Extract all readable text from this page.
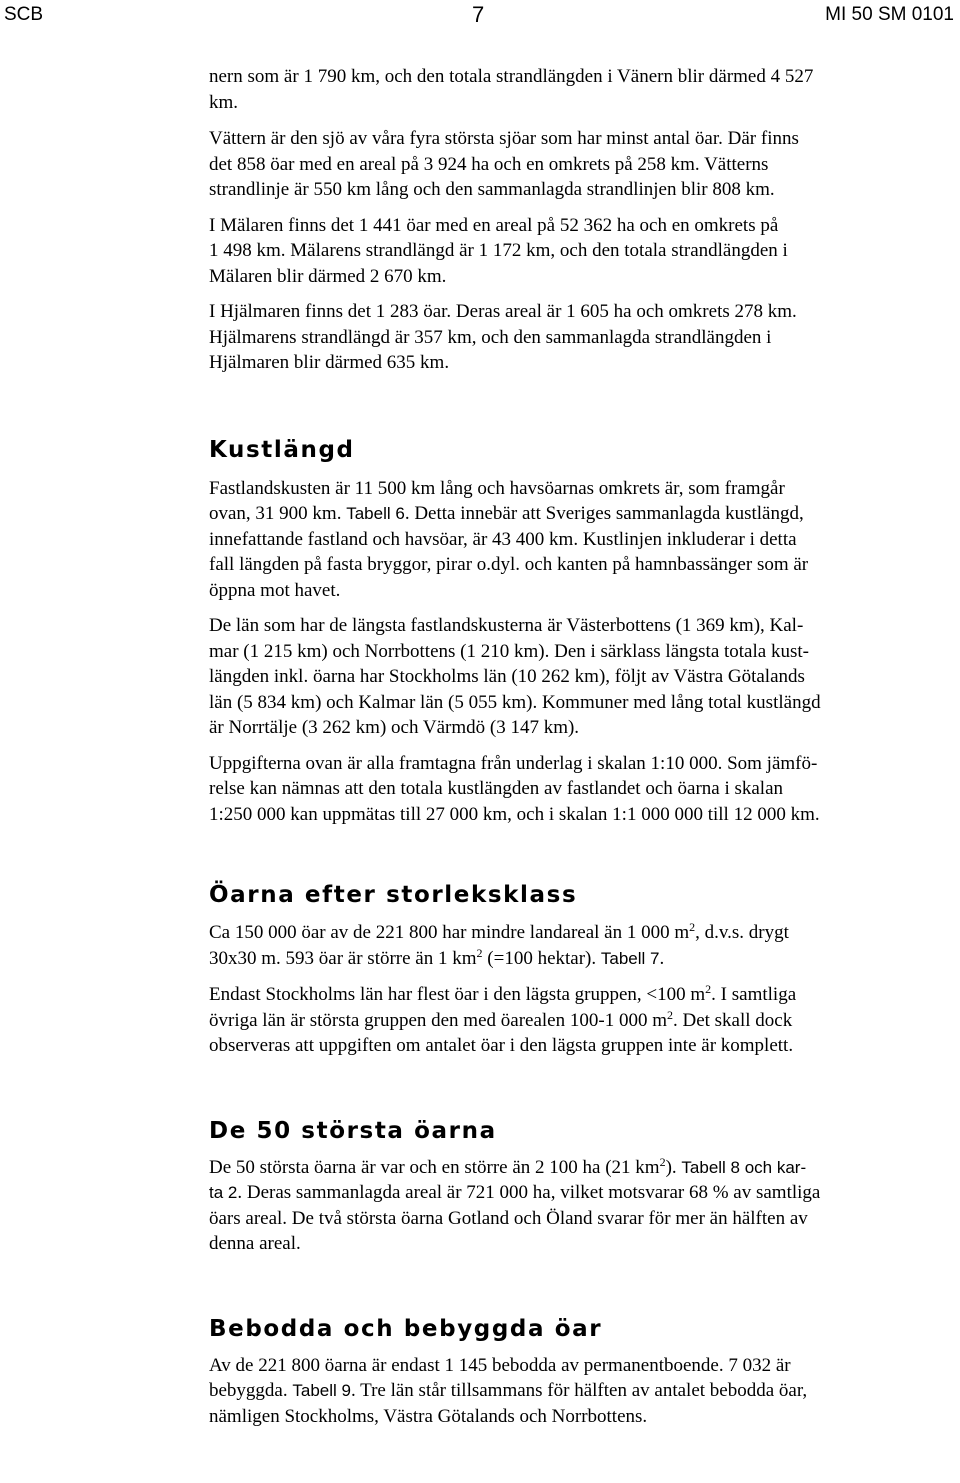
SCB	7	MI 50 SM 0101
nern som är 1 790 km, och den totala strandlängden i Vänern blir därmed 4 527
km.
Vättern är den sjö av våra fyra största sjöar som har minst antal öar. Där finns
det 858 öar med en areal på 3 924 ha och en omkrets på 258 km. Vätterns
strandlinje är 550 km lång och den sammanlagda strandlinjen blir 808 km.
I Mälaren finns det 1 441 öar med en areal på 52 362 ha och en omkrets på
1 498 km. Mälarens strandlängd är 1 172 km, och den totala strandlängden i
Mälaren blir därmed 2 670 km.
I Hjälmaren finns det 1 283 öar. Deras areal är 1 605 ha och omkrets 278 km.
Hjälmarens strandlängd är 357 km, och den sammanlagda strandlängden i
Hjälmaren blir därmed 635 km.
Kustlängd
Fastlandskusten är 11 500 km lång och havsöarnas omkrets är, som framgår
ovan, 31 900 km. Tabell 6. Detta innebär att Sveriges sammanlagda kustlängd,
innefattande fastland och havsöar, är 43 400 km. Kustlinjen inkluderar i detta
fall längden på fasta bryggor, pirar o.dyl. och kanten på hamnbassänger som är
öppna mot havet.
De län som har de längsta fastlandskusterna är Västerbottens (1 369 km), Kal-
mar (1 215 km) och Norrbottens (1 210 km). Den i särklass längsta totala kust-
längden inkl. öarna har Stockholms län (10 262 km), följt av Västra Götalands
län (5 834 km) och Kalmar län (5 055 km). Kommuner med lång total kustlängd
är Norrtälje (3 262 km) och Värmdö (3 147 km).
Uppgifterna ovan är alla framtagna från underlag i skalan 1:10 000. Som jämfö-
relse kan nämnas att den totala kustlängden av fastlandet och öarna i skalan
1:250 000 kan uppmätas till 27 000 km, och i skalan 1:1 000 000 till 12 000 km.
Öarna efter storleksklass
Ca 150 000 öar av de 221 800 har mindre landareal än 1 000 $m^2$, d.v.s. drygt
30x30 m. 593 öar är större än 1 $km^2$ (=100 hektar). Tabell 7.
Endast Stockholms län har flest öar i den lägsta gruppen, <100 $m^2$. I samtliga
övriga län är största gruppen den med öarealen 100-1 000 $m^2$. Det skall dock
observeras att uppgiften om antalet öar i den lägsta gruppen inte är komplett.
De 50 största öarna
De 50 största öarna är var och en större än 2 100 ha (21 $km^2$). Tabell 8 och kar-
ta 2. Deras sammanlagda areal är 721 000 ha, vilket motsvarar 68 % av samtliga
öars areal. De två största öarna Gotland och Öland svarar för mer än hälften av
denna areal.
Bebodda och bebyggda öar
Av de 221 800 öarna är endast 1 145 bebodda av permanentboende. 7 032 är
bebyggda. Tabell 9. Tre län står tillsammans för hälften av antalet bebodda öar,
nämligen Stockholms, Västra Götalands och Norrbottens.
